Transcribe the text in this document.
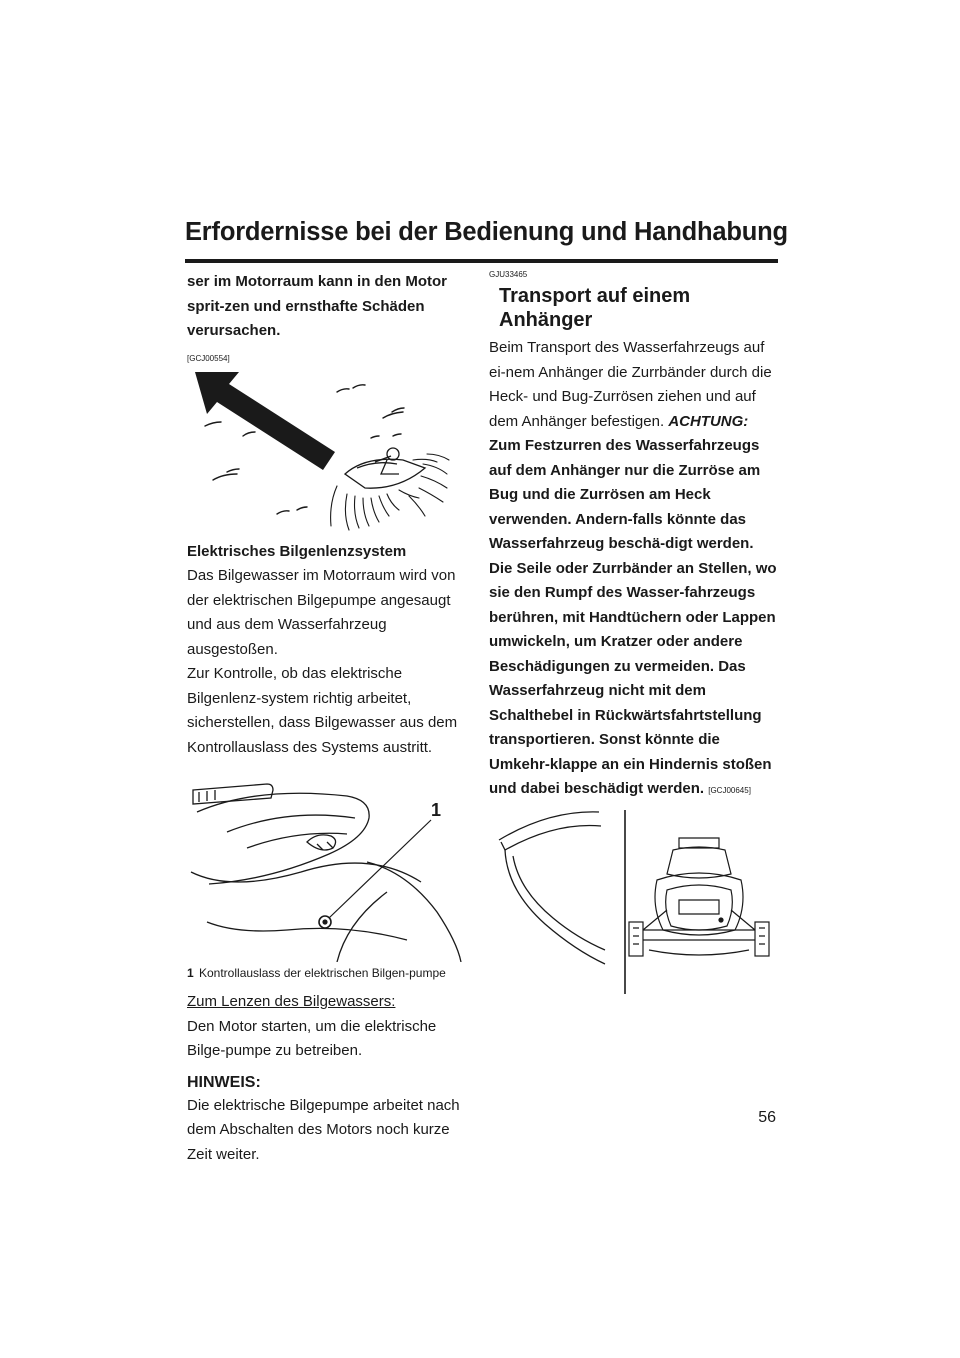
Erfordernisse bei der Bedienung und Handhabung

ser im Motorraum kann in den Motor sprit-zen und ernsthafte Schäden verursachen.

[GCJ00554]

Elektrisches Bilgenlenzsystem

Das Bilgewasser im Motorraum wird von der elektrischen Bilgepumpe angesaugt und aus dem Wasserfahrzeug ausgestoßen.

Zur Kontrolle, ob das elektrische Bilgenlenz-system richtig arbeitet, sicherstellen, dass Bilgewasser aus dem Kontrollauslass des Systems austritt.

1
1 Kontrollauslass der elektrischen Bilgen-pumpe

Zum Lenzen des Bilgewassers:

Den Motor starten, um die elektrische Bilge-pumpe zu betreiben.

HINWEIS:

Die elektrische Bilgepumpe arbeitet nach dem Abschalten des Motors noch kurze Zeit weiter.

GJU33465

Transport auf einem Anhänger

Beim Transport des Wasserfahrzeugs auf ei-nem Anhänger die Zurrbänder durch die Heck- und Bug-Zurrösen ziehen und auf dem Anhänger befestigen. ACHTUNG: Zum Festzurren des Wasserfahrzeugs auf dem Anhänger nur die Zurröse am Bug und die Zurrösen am Heck verwenden. Andern-falls könnte das Wasserfahrzeug beschä-digt werden. Die Seile oder Zurrbänder an Stellen, wo sie den Rumpf des Wasser-fahrzeugs berühren, mit Handtüchern oder Lappen umwickeln, um Kratzer oder andere Beschädigungen zu vermeiden. Das Wasserfahrzeug nicht mit dem Schalthebel in Rückwärtsfahrtstellung transportieren. Sonst könnte die Umkehr-klappe an ein Hindernis stoßen und dabei beschädigt werden. [GCJ00645]

56
